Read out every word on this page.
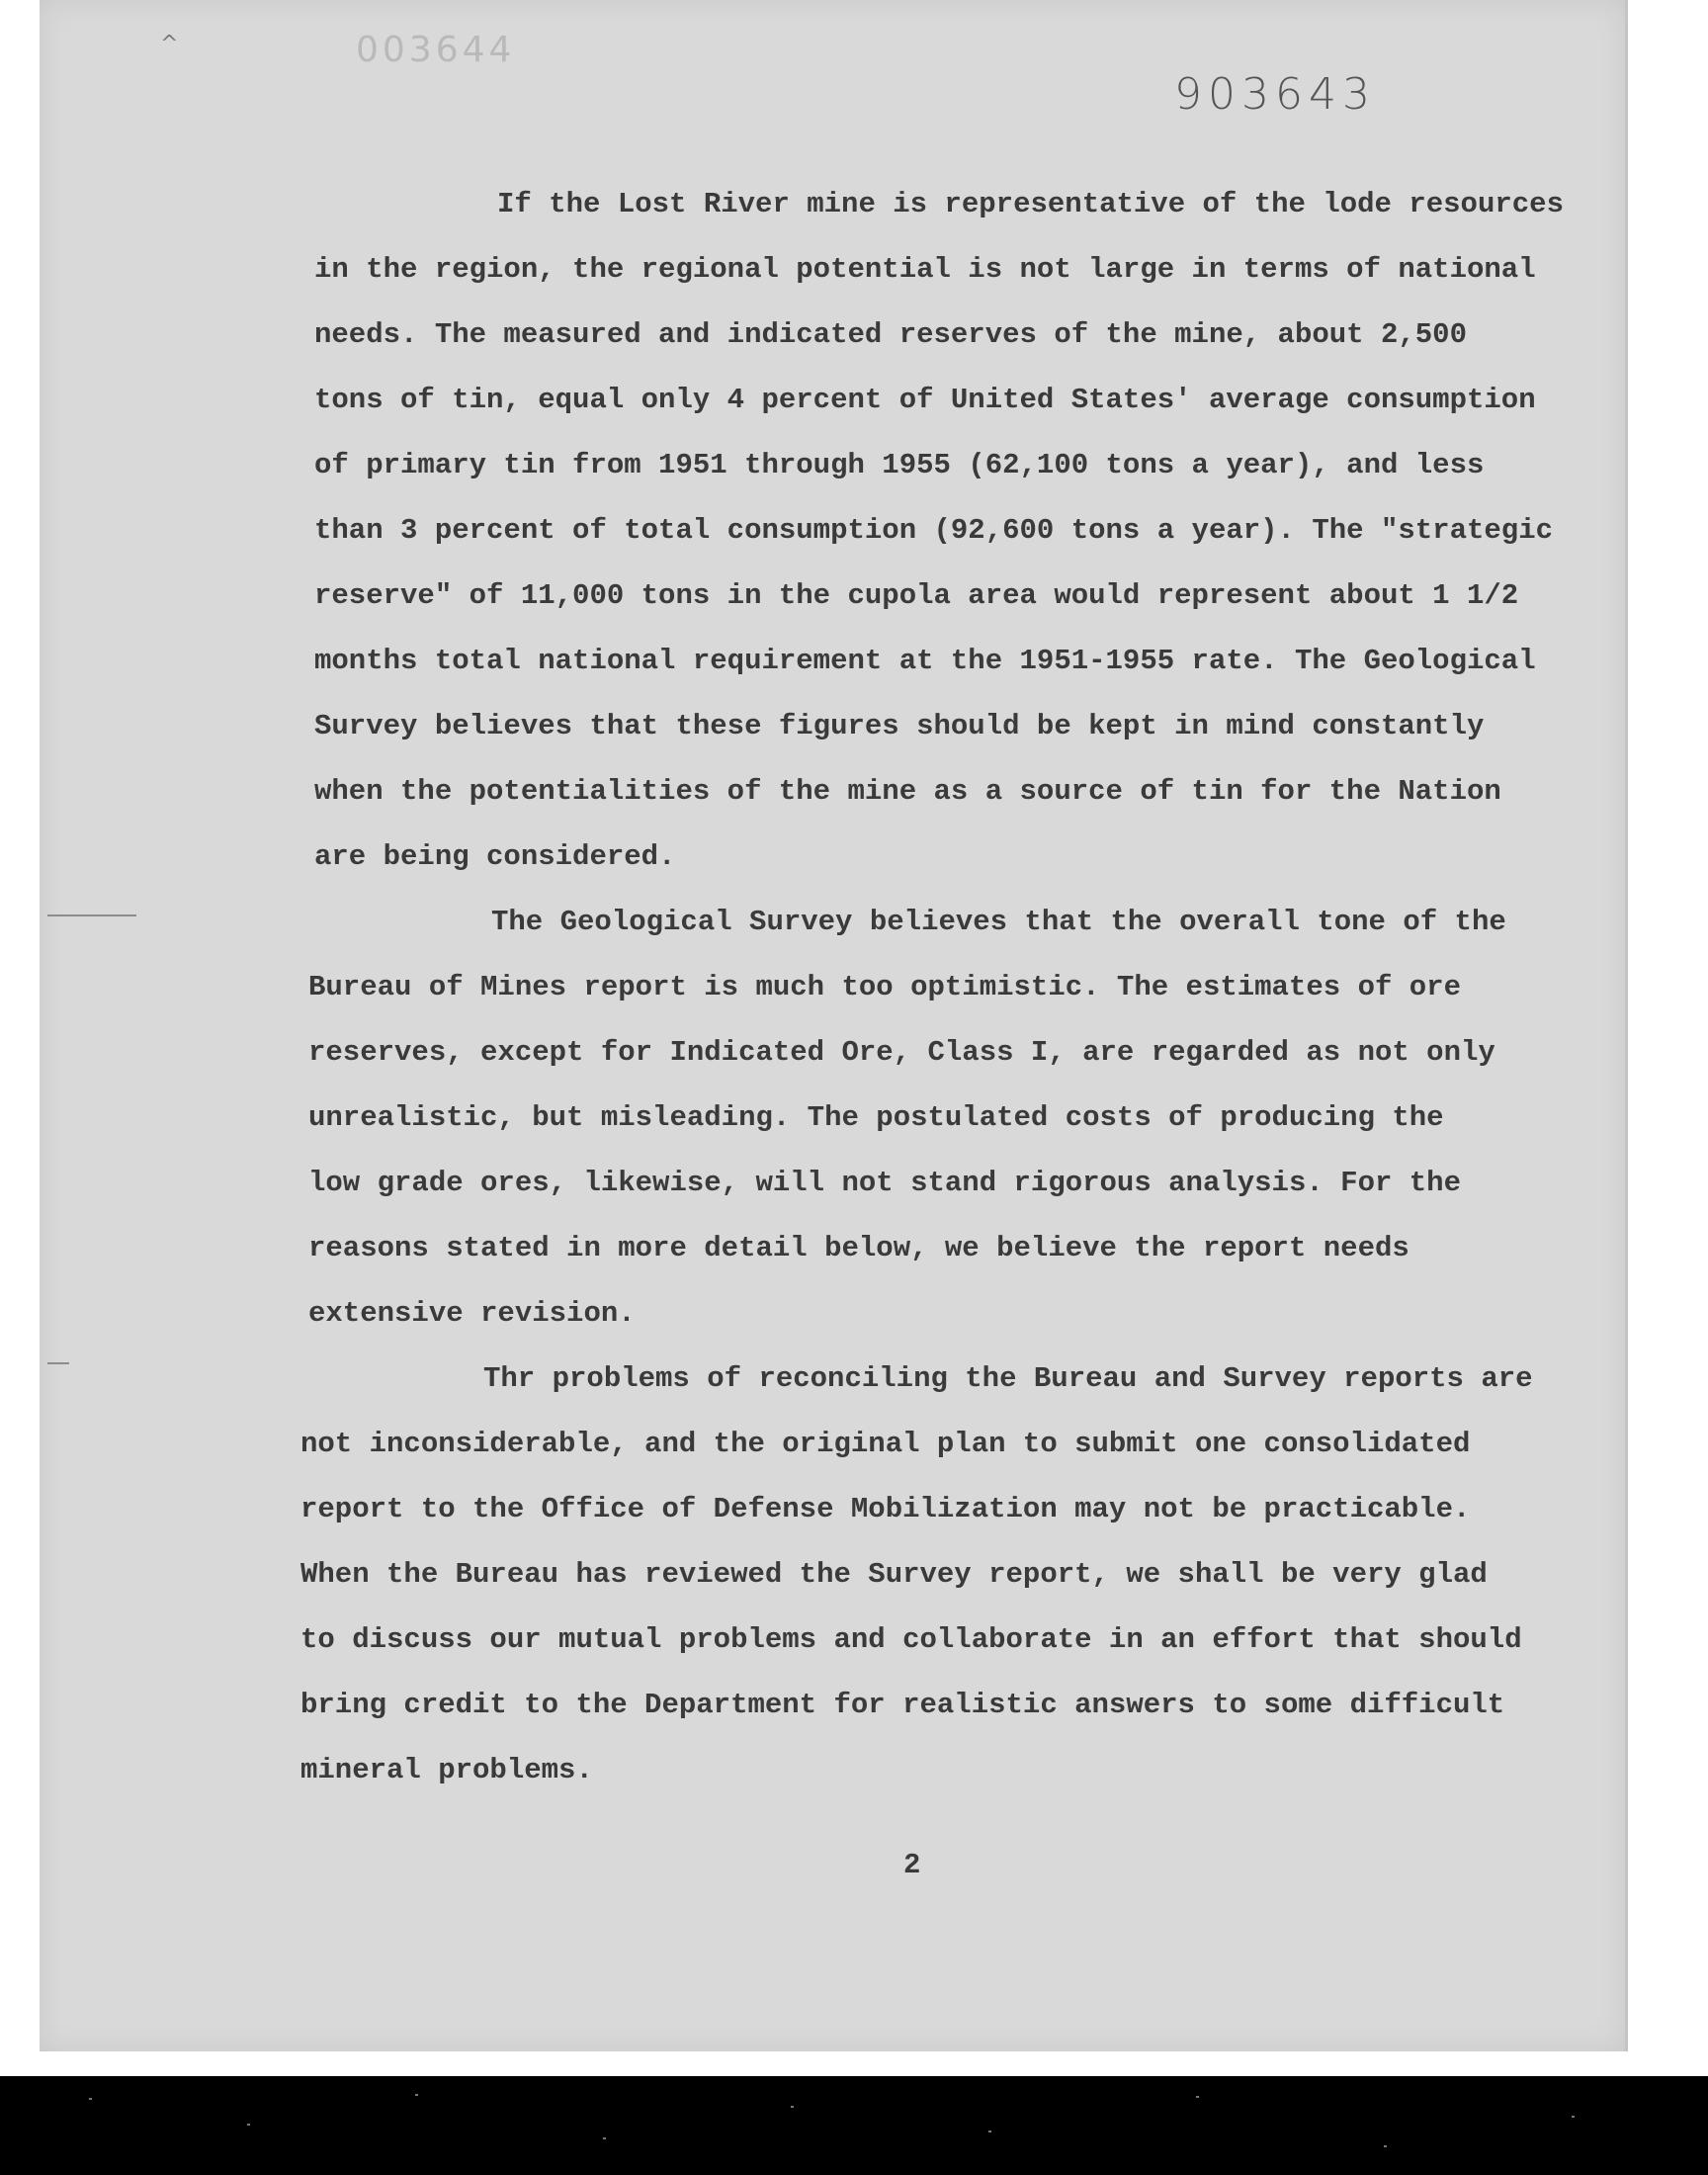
003644
903643
^
If the Lost River mine is representative of the lode resources
in the region, the regional potential is not large in terms of national
needs. The measured and indicated reserves of the mine, about 2,500
tons of tin, equal only 4 percent of United States' average consumption
of primary tin from 1951 through 1955 (62,100 tons a year), and less
than 3 percent of total consumption (92,600 tons a year). The "strategic
reserve" of 11,000 tons in the cupola area would represent about 1 1/2
months total national requirement at the 1951-1955 rate. The Geological
Survey believes that these figures should be kept in mind constantly
when the potentialities of the mine as a source of tin for the Nation
are being considered.
The Geological Survey believes that the overall tone of the
Bureau of Mines report is much too optimistic. The estimates of ore
reserves, except for Indicated Ore, Class I, are regarded as not only
unrealistic, but misleading. The postulated costs of producing the
low grade ores, likewise, will not stand rigorous analysis. For the
reasons stated in more detail below, we believe the report needs
extensive revision.
Thr problems of reconciling the Bureau and Survey reports are
not inconsiderable, and the original plan to submit one consolidated
report to the Office of Defense Mobilization may not be practicable.
When the Bureau has reviewed the Survey report, we shall be very glad
to discuss our mutual problems and collaborate in an effort that should
bring credit to the Department for realistic answers to some difficult
mineral problems.
2
